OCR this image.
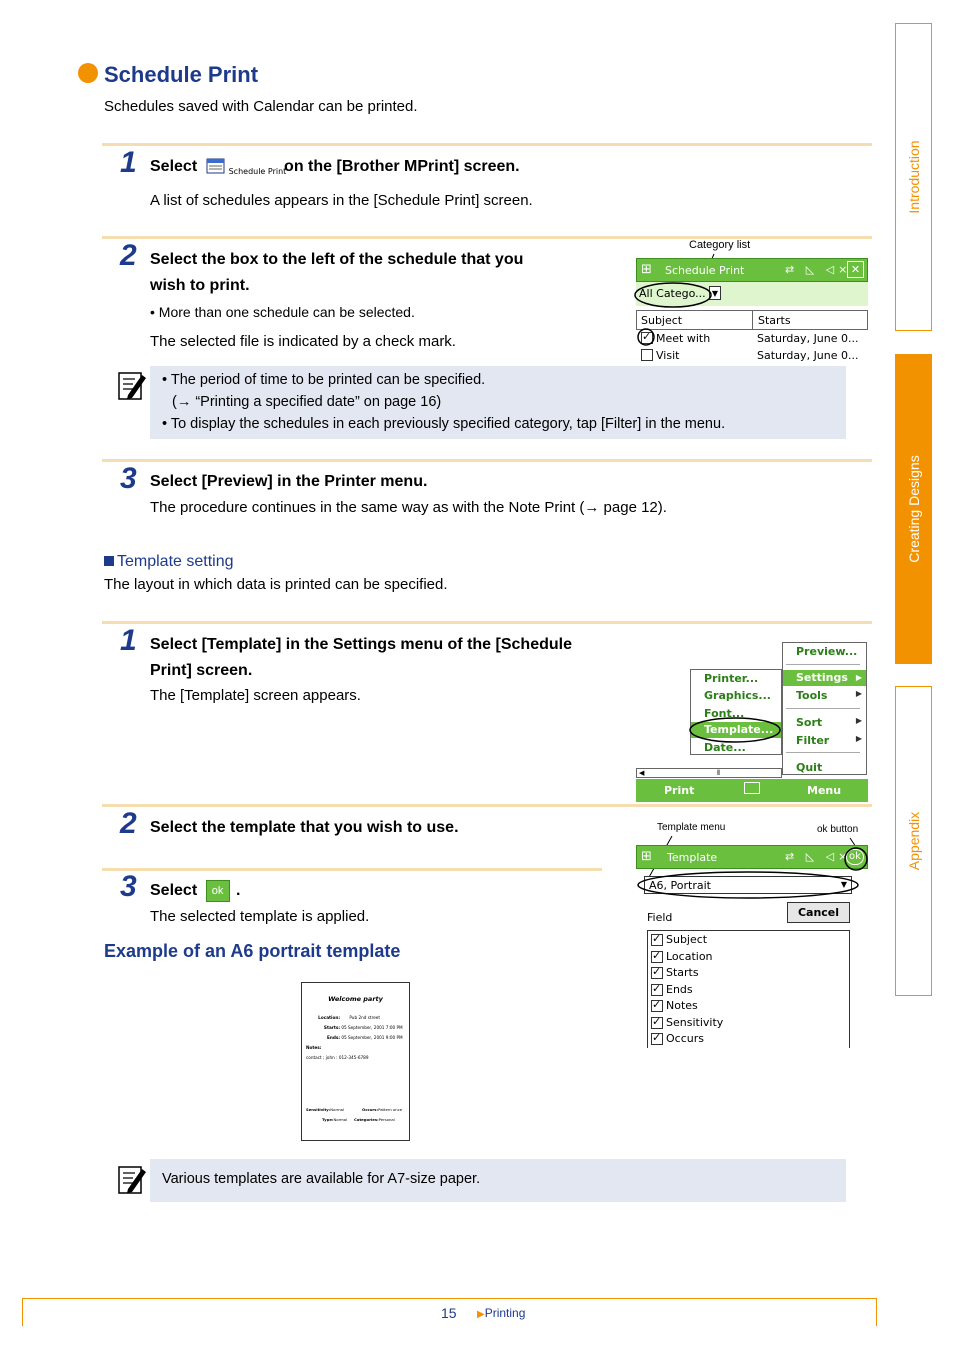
Introduction
Creating Designs
Appendix
Schedule Print
Schedules saved with Calendar can be printed.
1 Select	Schedule Print
on the [Brother MPrint] screen.
A list of schedules appears in the [Schedule Print] screen.
2 Select the box to the left of the schedule that you
wish to print.
• More than one schedule can be selected.
The selected file is indicated by a check mark.
Category list
⊞ Schedule Print	⇄ ◺ ◁× ✕
All Catego... ▼
Subject	Starts
✓
Meet with	Saturday, June 0...
Visit	Saturday, June 0...
• The period of time to be printed can be specified.
(→ “Printing a specified date” on page 16)
• To display the schedules in each previously specified category, tap [Filter] in the menu.
3 Select [Preview] in the Printer menu.
The procedure continues in the same way as with the Note Print (→ page 12).
Template setting
The layout in which data is printed can be specified.
1 Select [Template] in the Settings menu of the [Schedule
Print] screen.
The [Template] screen appears.
Preview...
Settings ▶
Tools	▶
Sort	▶
Filter	▶
Quit
Printer...
Graphics...
Font...
Template...
Date...
◀	⦀
Print	Menu
2 Select the template that you wish to use.
3 Select ok .
The selected template is applied.
Template menu	ok button
⊞ Template	⇄ ◺ ◁×
ok
A6, Portrait	▼
Field	Cancel
✓
Subject
✓
Location
✓
Starts
✓
Ends
✓
Notes
✓
Sensitivity
✓
Occurs
Example of an A6 portrait template
Welcome party
Location: Pub 2nd street
Starts: 05 September, 2001 7:00 PM
Ends: 05 September, 2001 9:00 PM
Notes:
contact ; john : 012-345-6789
Sensitivity:Normal	Occurs:Pattern once
Type:Normal Categories:Personal
Various templates are available for A7-size paper.
15 ▶Printing
